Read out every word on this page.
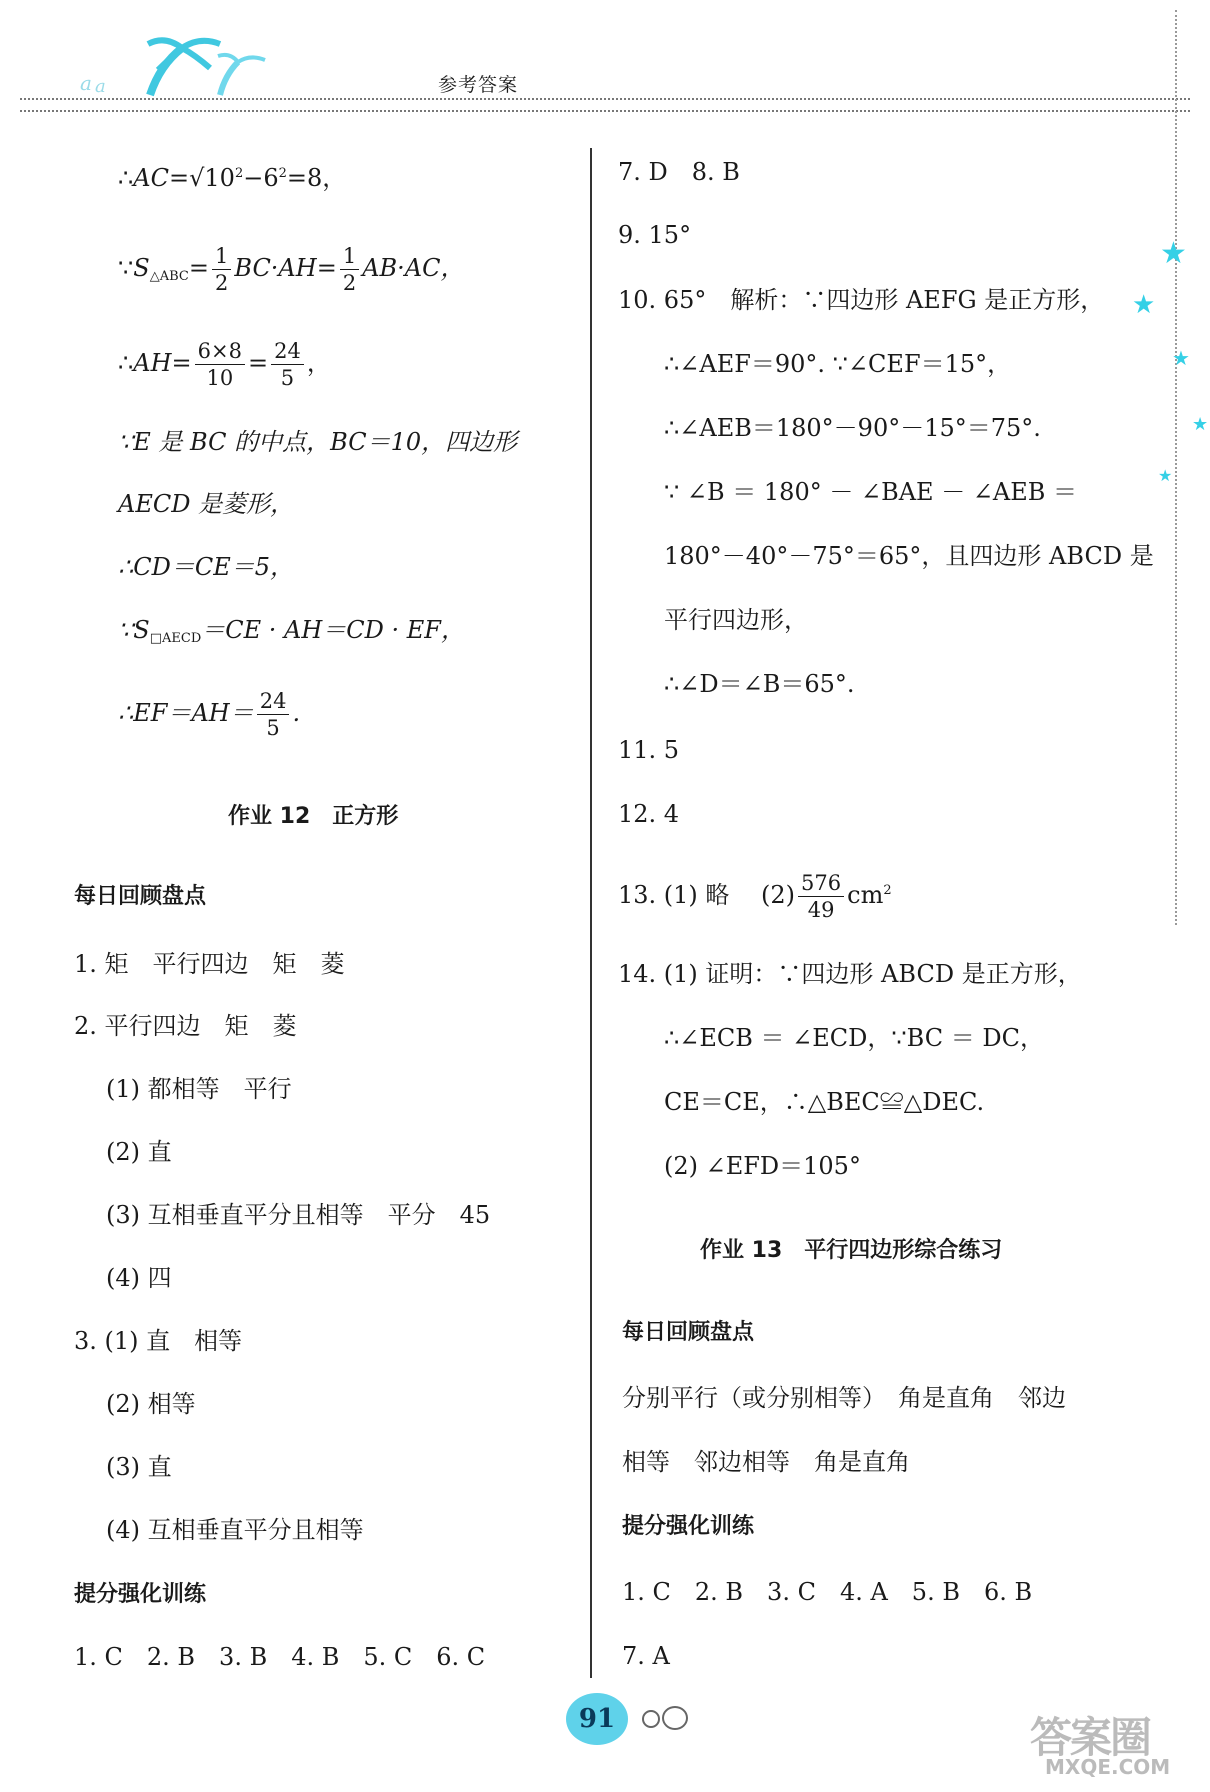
a a	参考答案
★
★
★
★
★
$\therefore AC=√10^2-6^2=8$，
$\because S_{\triangle ABC}= \frac{1}{2} BC\cdot AH= \frac{1}{2} AB\cdot AC$，
∴AH= $\frac{6\times 8}{10} = \frac{24}{5}$ ，
∵E 是 BC 的中点，BC＝10，四边形
AECD 是菱形，
∴CD＝CE＝5，
$\because S_{□AECD}=CE \cdot AH=CD$ · EF，
∴EF＝AH＝ $\frac{24}{5}$ .
作业 12　正方形
每日回顾盘点
1. 矩　平行四边　矩　菱
2. 平行四边　矩　菱
(1) 都相等　平行
(2) 直
(3) 互相垂直平分且相等　平分　45
(4) 四
3. (1) 直　相等
(2) 相等
(3) 直
(4) 互相垂直平分且相等
提分强化训练
1. C　2. B　3. B　4. B　5. C　6. C
7. D　8. B
9. 15°
10. 65°　解析：∵四边形 AEFG 是正方形，
∴∠AEF＝90°. ∵∠CEF＝15°，
∴∠AEB＝180°－90°－15°＝75°.
∵ ∠B ＝ 180° － ∠BAE － ∠AEB ＝
180°－40°－75°＝65°，且四边形 ABCD 是
平行四边形，
∴∠D＝∠B＝65°.
11. 5
12. 4
13. (1) 略　 $(2) \frac{576}{49} cm^2$
14. (1) 证明：∵四边形 ABCD 是正方形，
∴∠ECB ＝ ∠ECD，∵BC ＝ DC，
CE＝CE，∴△BEC≌△DEC.
(2) ∠EFD＝105°
作业 13　平行四边形综合练习
每日回顾盘点
分别平行（或分别相等）　角是直角　邻边
相等　邻边相等　角是直角
提分强化训练
1. C　2. B　3. C　4. A　5. B　6. B
7. A
91	答案圈
MXQE.COM
